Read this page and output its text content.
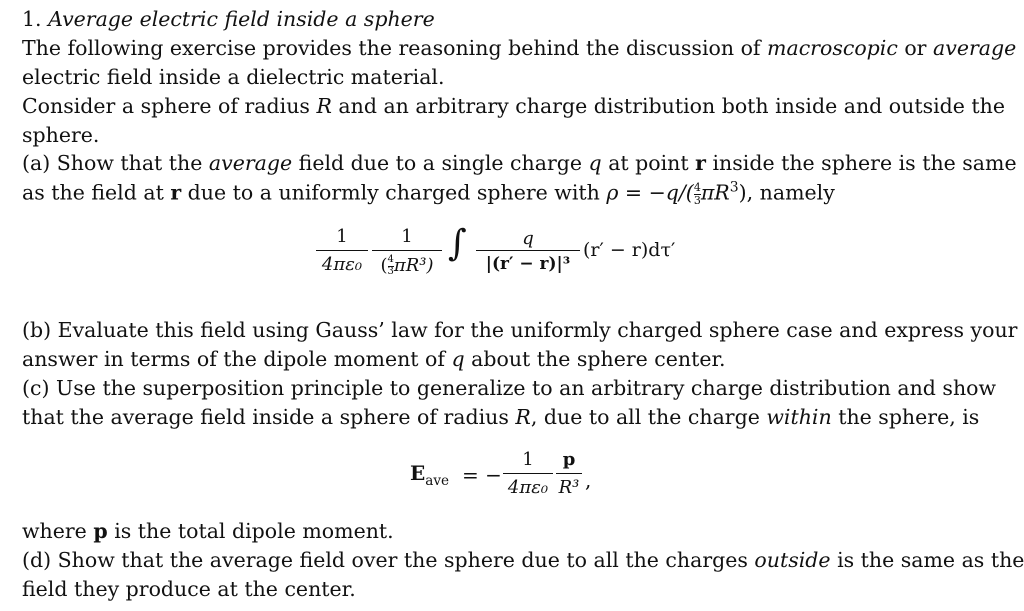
1. Average electric field inside a sphere
The following exercise provides the reasoning behind the discussion of macroscopic or average
electric field inside a dielectric material.
Consider a sphere of radius R and an arbitrary charge distribution both inside and outside the
sphere.
(a) Show that the average field due to a single charge q at point r inside the sphere is the same
as the field at r due to a uniformly charged sphere with $\rho = -q/( \frac{4}{3} \pi R^3)$, namely
1
4πε₀
1
( $\frac{4}{3} \pi R^3$)
∫	q
|(r′ − r)|³
(r′ − r)dτ′
(b) Evaluate this field using Gauss’ law for the uniformly charged sphere case and express your
answer in terms of the dipole moment of q about the sphere center.
(c) Use the superposition principle to generalize to an arbitrary charge distribution and show
that the average field inside a sphere of radius R, due to all the charge within the sphere, is
$E_{ave}$ = −
1
4πε₀
p
R³ ,
where p is the total dipole moment.
(d) Show that the average field over the sphere due to all the charges outside is the same as the
field they produce at the center.
